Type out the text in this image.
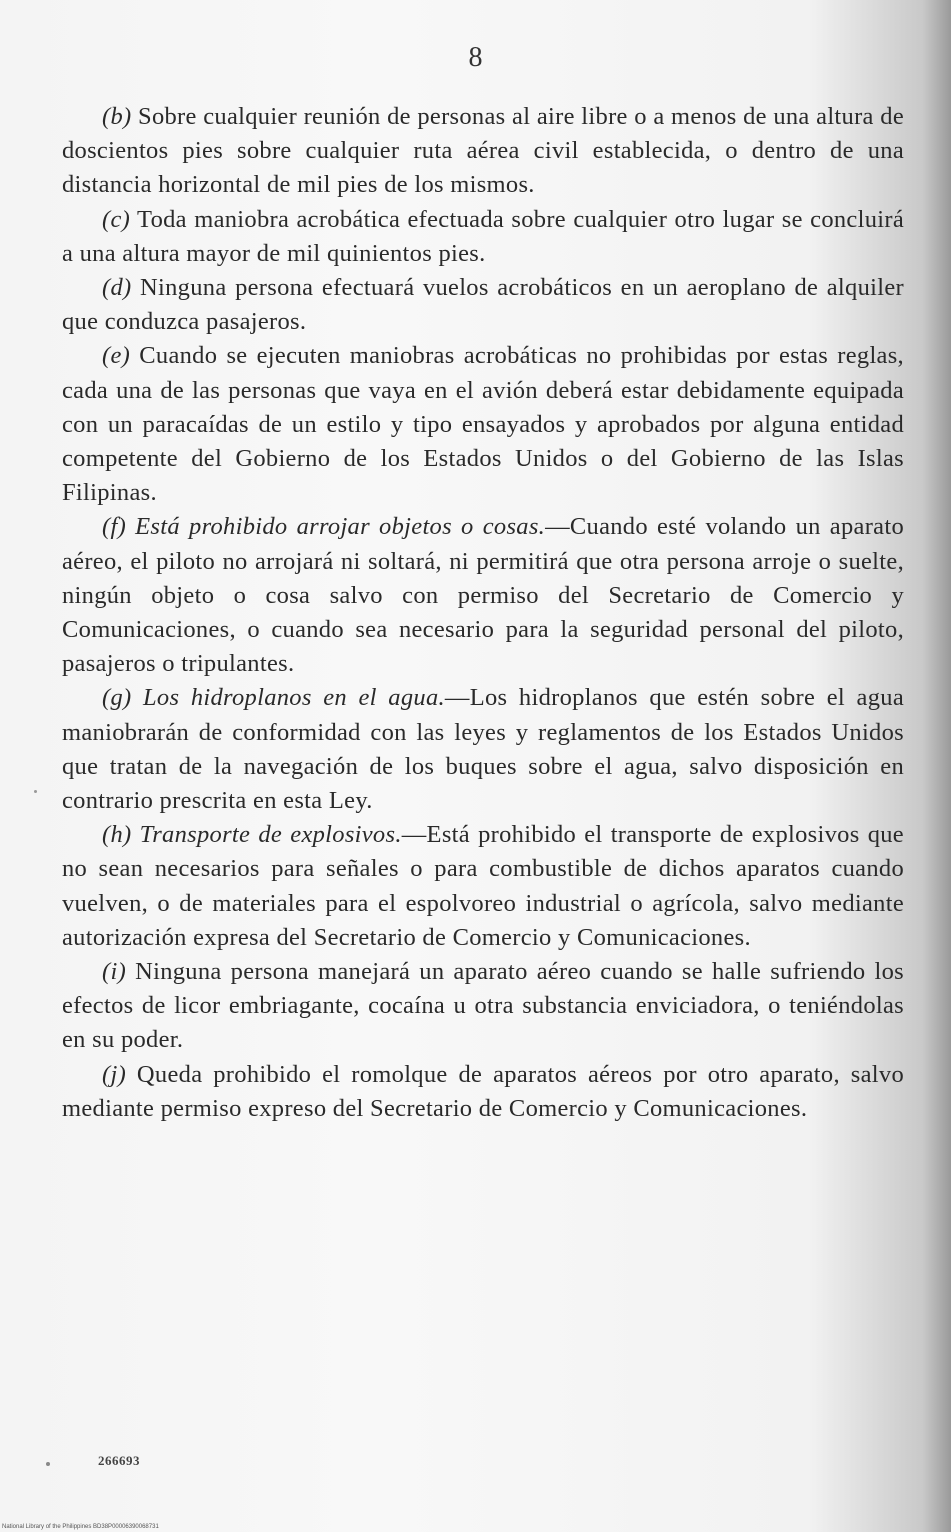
8

(b) Sobre cualquier reunión de personas al aire libre o a menos de una altura de doscientos pies sobre cualquier ruta aérea civil establecida, o dentro de una distancia horizontal de mil pies de los mismos.

(c) Toda maniobra acrobática efectuada sobre cualquier otro lugar se concluirá a una altura mayor de mil quinientos pies.

(d) Ninguna persona efectuará vuelos acrobáticos en un aeroplano de alquiler que conduzca pasajeros.

(e) Cuando se ejecuten maniobras acrobáticas no prohibidas por estas reglas, cada una de las personas que vaya en el avión deberá estar debidamente equipada con un paracaídas de un estilo y tipo ensayados y aprobados por alguna entidad competente del Gobierno de los Estados Unidos o del Gobierno de las Islas Filipinas.

(f) Está prohibido arrojar objetos o cosas.—Cuando esté volando un aparato aéreo, el piloto no arrojará ni soltará, ni permitirá que otra persona arroje o suelte, ningún objeto o cosa salvo con permiso del Secretario de Comercio y Comunicaciones, o cuando sea necesario para la seguridad personal del piloto, pasajeros o tripulantes.

(g) Los hidroplanos en el agua.—Los hidroplanos que estén sobre el agua maniobrarán de conformidad con las leyes y reglamentos de los Estados Unidos que tratan de la navegación de los buques sobre el agua, salvo disposición en contrario prescrita en esta Ley.

(h) Transporte de explosivos.—Está prohibido el transporte de explosivos que no sean necesarios para señales o para combustible de dichos aparatos cuando vuelven, o de materiales para el espolvoreo industrial o agrícola, salvo mediante autorización expresa del Secretario de Comercio y Comunicaciones.

(i) Ninguna persona manejará un aparato aéreo cuando se halle sufriendo los efectos de licor embriagante, cocaína u otra substancia enviciadora, o teniéndolas en su poder.

(j) Queda prohibido el romolque de aparatos aéreos por otro aparato, salvo mediante permiso expreso del Secretario de Comercio y Comunicaciones.

266693
National Library of the Philippines BD38P00006390068731
